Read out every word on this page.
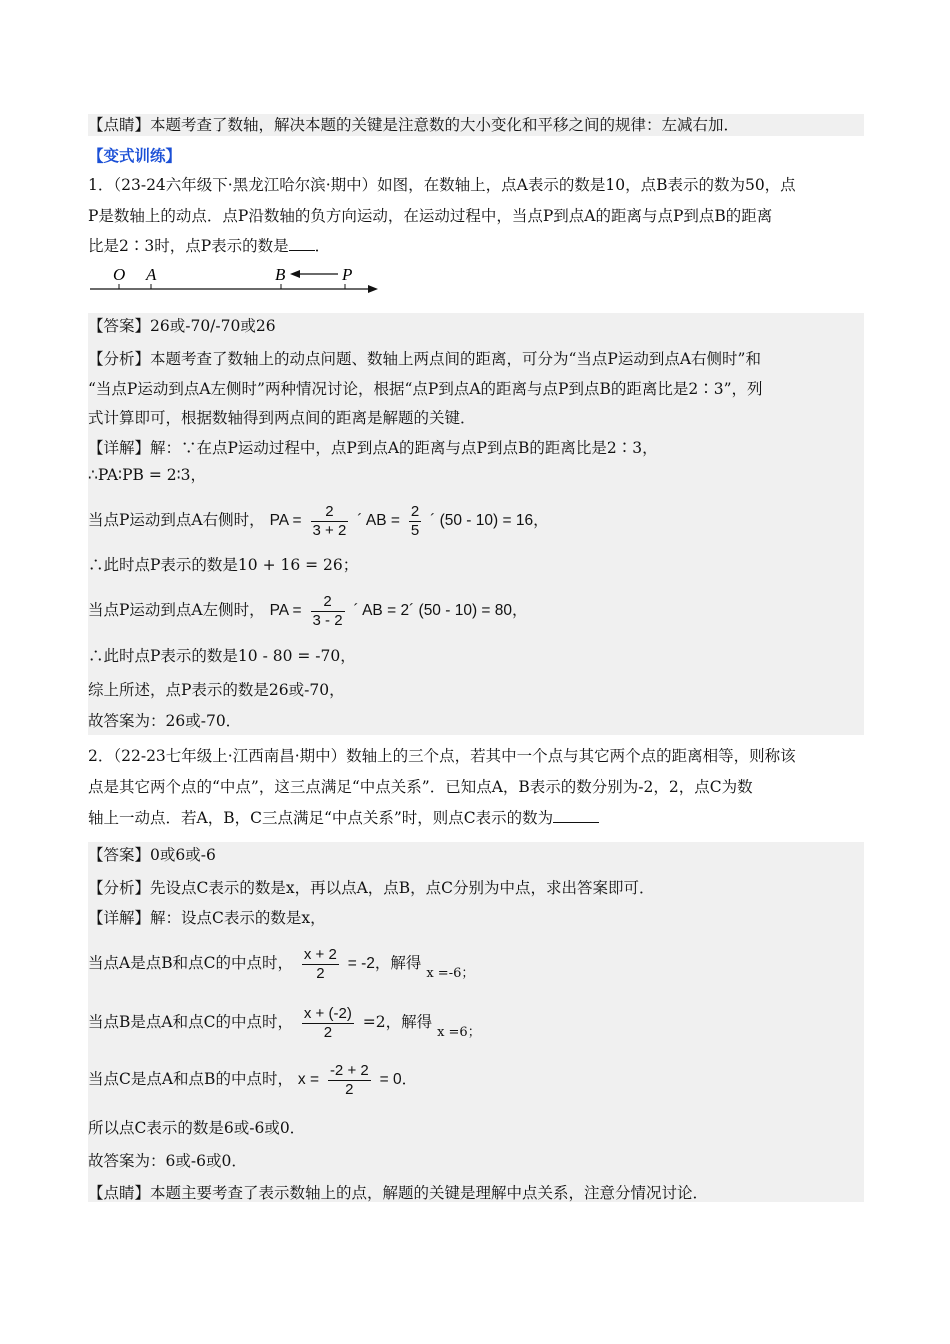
【点睛】本题考查了数轴，解决本题的关键是注意数的大小变化和平移之间的规律：左减右加．
【变式训练】
1．（23-24六年级下·黑龙江哈尔滨·期中）如图，在数轴上，点A表示的数是10，点B表示的数为50，点
P是数轴上的动点．点P沿数轴的负方向运动，在运动过程中，当点P到点A的距离与点P到点B的距离
比是2∶3时，点P表示的数是 ．
O A	B	P
【答案】26或-70/-70或26
【分析】本题考查了数轴上的动点问题、数轴上两点间的距离，可分为“当点P运动到点A右侧时”和
“当点P运动到点A左侧时”两种情况讨论，根据“点P到点A的距离与点P到点B的距离比是2∶3”，列
式计算即可，根据数轴得到两点间的距离是解题的关键．
【详解】解：∵在点P运动过程中，点P到点A的距离与点P到点B的距离比是2∶3，
∴PA∶PB = 2∶3，
当点P运动到点A右侧时， PA = $\frac{2}{3 + 2}$ ´ AB = $\frac{2}{5}$ ´ (50 - 10) = 16，
∴此时点P表示的数是10 + 16 = 26；
当点P运动到点A左侧时， PA = $\frac{2}{3 - 2}$ ´ AB = 2´ (50 - 10) = 80，
∴此时点P表示的数是10 - 80 = -70，
综上所述，点P表示的数是26或-70，
故答案为：26或-70．
2．（22-23七年级上·江西南昌·期中）数轴上的三个点，若其中一个点与其它两个点的距离相等，则称该
点是其它两个点的“中点”，这三点满足“中点关系”．已知点A，B表示的数分别为-2，2，点C为数
轴上一动点．若A，B，C三点满足“中点关系”时，则点C表示的数为
【答案】0或6或-6
【分析】先设点C表示的数是x，再以点A，点B，点C分别为中点，求出答案即可．
【详解】解：设点C表示的数是x，
当点A是点B和点C的中点时， $\frac{x + 2}{2} = -2$，解得 $_{x =-6;}$
当点B是点A和点C的中点时， $\frac{x + (-2)}{2} =2$，解得 $_{x =6;}$
当点C是点A和点B的中点时， $x = \frac{-2 + 2}{2} = 0$．
所以点C表示的数是6或-6或0．
故答案为：6或-6或0．
【点睛】本题主要考查了表示数轴上的点，解题的关键是理解中点关系，注意分情况讨论．
